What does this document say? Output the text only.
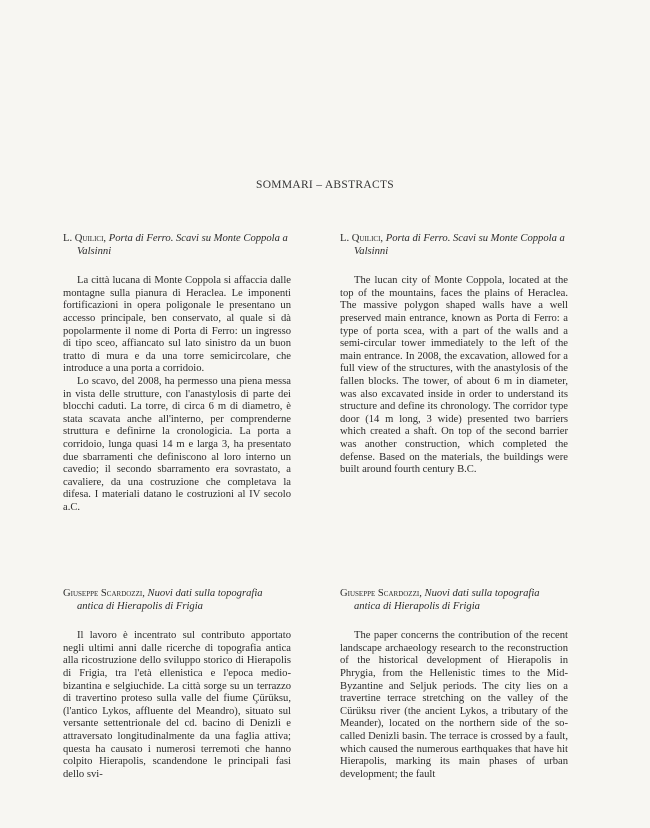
SOMMARI – ABSTRACTS

L. Quilici, Porta di Ferro. Scavi su Monte Coppola a Valsinni

La città lucana di Monte Coppola si affaccia dalle montagne sulla pianura di Heraclea. Le imponenti fortificazioni in opera poligonale le presentano un accesso principale, ben conservato, al quale si dà popolarmente il nome di Porta di Ferro: un ingresso di tipo sceo, affiancato sul lato sinistro da un buon tratto di mura e da una torre semicircolare, che introduce a una porta a corridoio.

Lo scavo, del 2008, ha permesso una piena messa in vista delle strutture, con l'anastylosis di parte dei blocchi caduti. La torre, di circa 6 m di diametro, è stata scavata anche all'interno, per comprenderne struttura e definirne la cronologicia. La porta a corridoio, lunga quasi 14 m e larga 3, ha presentato due sbarramenti che definiscono al loro interno un cavedio; il secondo sbarramento era sovrastato, a cavaliere, da una costruzione che completava la difesa. I materiali datano le costruzioni al IV secolo a.C.

L. Quilici, Porta di Ferro. Scavi su Monte Coppola a Valsinni

The lucan city of Monte Coppola, located at the top of the mountains, faces the plains of Heraclea. The massive polygon shaped walls have a well preserved main entrance, known as Porta di Ferro: a type of porta scea, with a part of the walls and a semi-circular tower immediately to the left of the main entrance. In 2008, the excavation, allowed for a full view of the structures, with the anastylosis of the fallen blocks. The tower, of about 6 m in diameter, was also excavated inside in order to understand its structure and define its chronology. The corridor type door (14 m long, 3 wide) presented two barriers which created a shaft. On top of the second barrier was another construction, which completed the defense. Based on the materials, the buildings were built around fourth century B.C.

Giuseppe Scardozzi, Nuovi dati sulla topografia antica di Hierapolis di Frigia

Il lavoro è incentrato sul contributo apportato negli ultimi anni dalle ricerche di topografia antica alla ricostruzione dello sviluppo storico di Hierapolis di Frigia, tra l'età ellenistica e l'epoca medio-bizantina e selgiuchide. La città sorge su un terrazzo di travertino proteso sulla valle del fiume Çürüksu, (l'antico Lykos, affluente del Meandro), situato sul versante settentrionale del cd. bacino di Denizli e attraversato longitudinalmente da una faglia attiva; questa ha causato i numerosi terremoti che hanno colpito Hierapolis, scandendone le principali fasi dello svi-

Giuseppe Scardozzi, Nuovi dati sulla topografia antica di Hierapolis di Frigia

The paper concerns the contribution of the recent landscape archaeology research to the reconstruction of the historical development of Hierapolis in Phrygia, from the Hellenistic times to the Mid-Byzantine and Seljuk periods. The city lies on a travertine terrace stretching on the valley of the Cürüksu river (the ancient Lykos, a tributary of the Meander), located on the northern side of the so-called Denizli basin. The terrace is crossed by a fault, which caused the numerous earthquakes that have hit Hierapolis, marking its main phases of urban development; the fault
